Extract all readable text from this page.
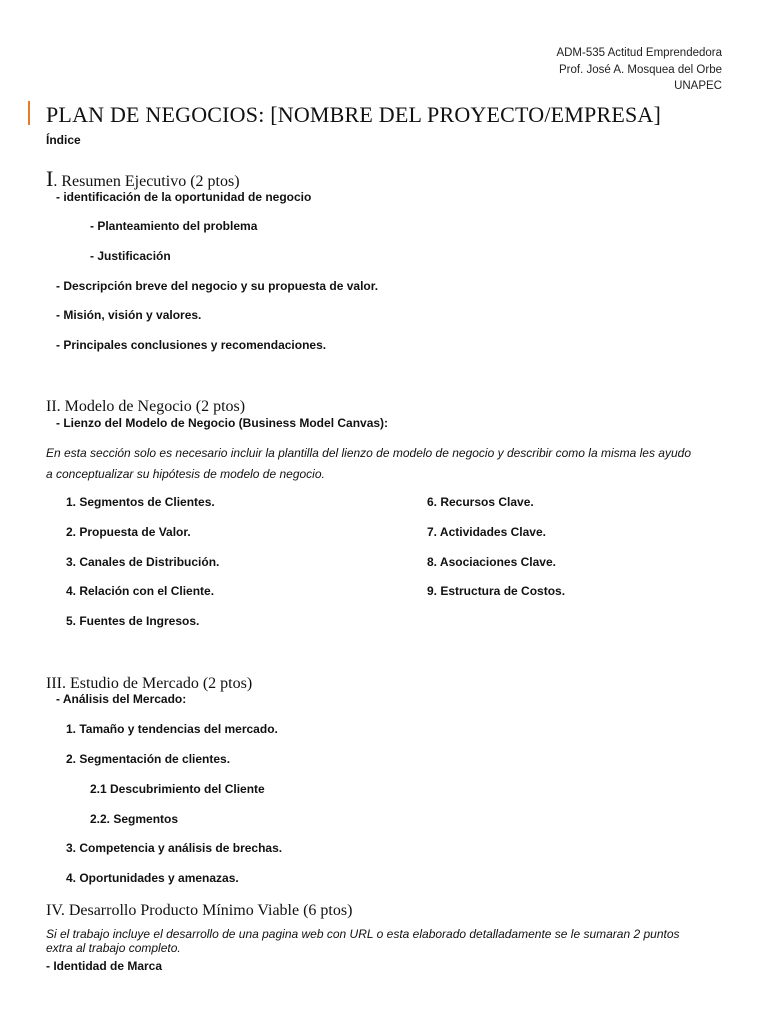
ADM-535 Actitud Emprendedora
Prof. José A. Mosquea del Orbe
UNAPEC
PLAN DE NEGOCIOS: [NOMBRE DEL PROYECTO/EMPRESA]
Índice
I. Resumen Ejecutivo (2 ptos)
- identificación de la oportunidad de negocio
- Planteamiento del problema
- Justificación
- Descripción breve del negocio y su propuesta de valor.
- Misión, visión y valores.
- Principales conclusiones y recomendaciones.
II. Modelo de Negocio (2 ptos)
- Lienzo del Modelo de Negocio (Business Model Canvas):
En esta sección solo es necesario incluir la plantilla del lienzo de modelo de negocio y describir como la misma les ayudo
a conceptualizar su hipótesis de modelo de negocio.
1. Segmentos de Clientes.
2. Propuesta de Valor.
3. Canales de Distribución.
4. Relación con el Cliente.
5. Fuentes de Ingresos.
6. Recursos Clave.
7. Actividades Clave.
8. Asociaciones Clave.
9. Estructura de Costos.
III. Estudio de Mercado (2 ptos)
- Análisis del Mercado:
1. Tamaño y tendencias del mercado.
2. Segmentación de clientes.
2.1 Descubrimiento del Cliente
2.2. Segmentos
3. Competencia y análisis de brechas.
4. Oportunidades y amenazas.
IV. Desarrollo Producto Mínimo Viable (6 ptos)
Si el trabajo incluye el desarrollo de una pagina web con URL o esta elaborado detalladamente se le sumaran 2 puntos
extra al trabajo completo.
- Identidad de Marca
